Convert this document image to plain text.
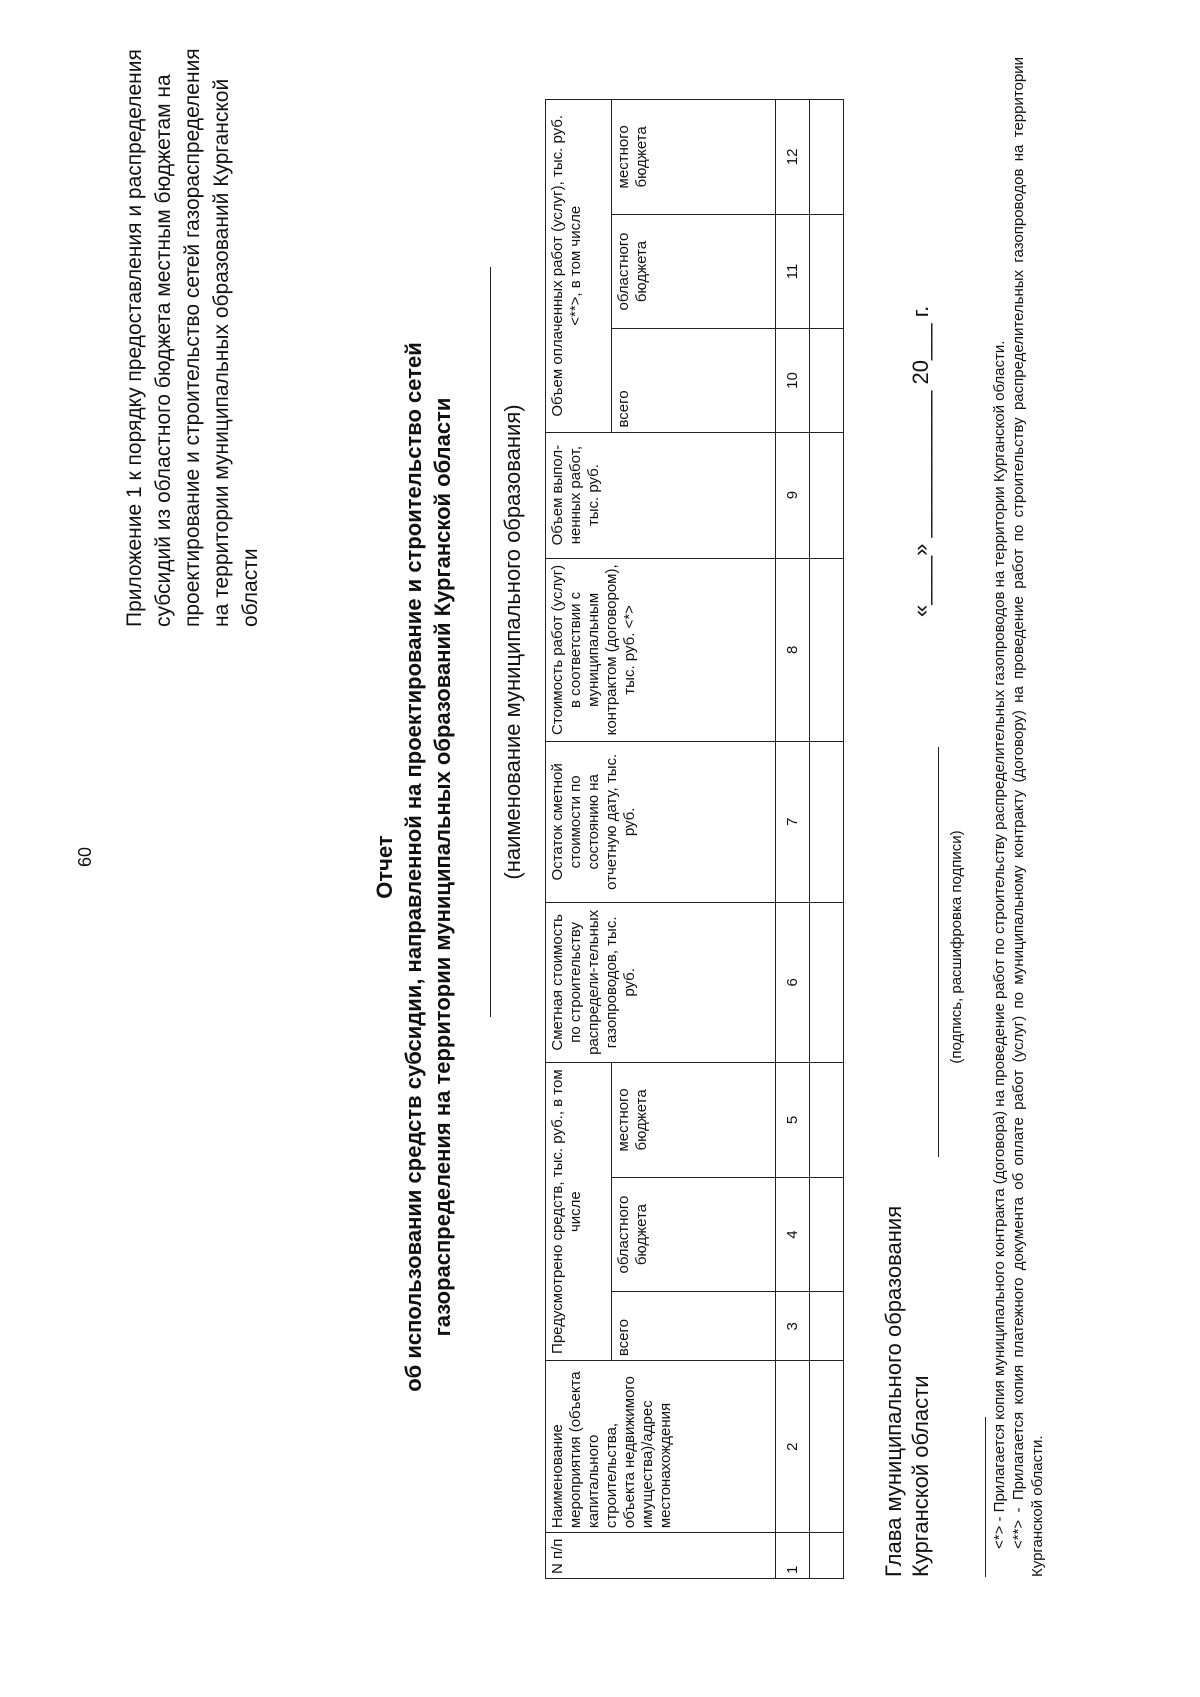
60
Приложение 1 к порядку предоставления и распределения субсидий из областного бюджета местным бюджетам на проектирование и строительство сетей газораспределения на территории муниципальных образований Курганской области
Отчет об использовании средств субсидии, направленной на проектирование и строительство сетей газораспределения на территории муниципальных образований Курганской области (наименование муниципального образования)
N п/п	Наименование мероприятия (объекта капитального строительства, объекта недвижимого имущества)/адрес местонахождения	Предусмотрено средств, тыс. руб., в том числе			Сметная стоимость по строительству распредели-тельных газопроводов, тыс. руб.	Остаток сметной стоимости по состоянию на отчетную дату, тыс. руб.	Стоимость работ (услуг) в соответствии с муниципальным контрактом (договором), тыс. руб. <*>	Объем выпол-ненных работ, тыс. руб.	Объем оплаченных работ (услуг), тыс. руб. <**>, в том числе		
		всего	областного бюджета	местного бюджета					всего	областного бюджета	местного бюджета
1	2	3	4	5	6	7	8	9	10	11	12

Глава муниципального образования Курганской области
(подпись, расшифровка подписи)
«____» ____________ 20___ г.	<*> - Прилагается копия муниципального контракта (договора) на проведение работ по строительству распределительных газопроводов на территории Курганской области. <**> - Прилагается копия платежного документа об оплате работ (услуг) по муниципальному контракту (договору) на проведение работ по строительству распределительных газопроводов на территории Курганской области.
